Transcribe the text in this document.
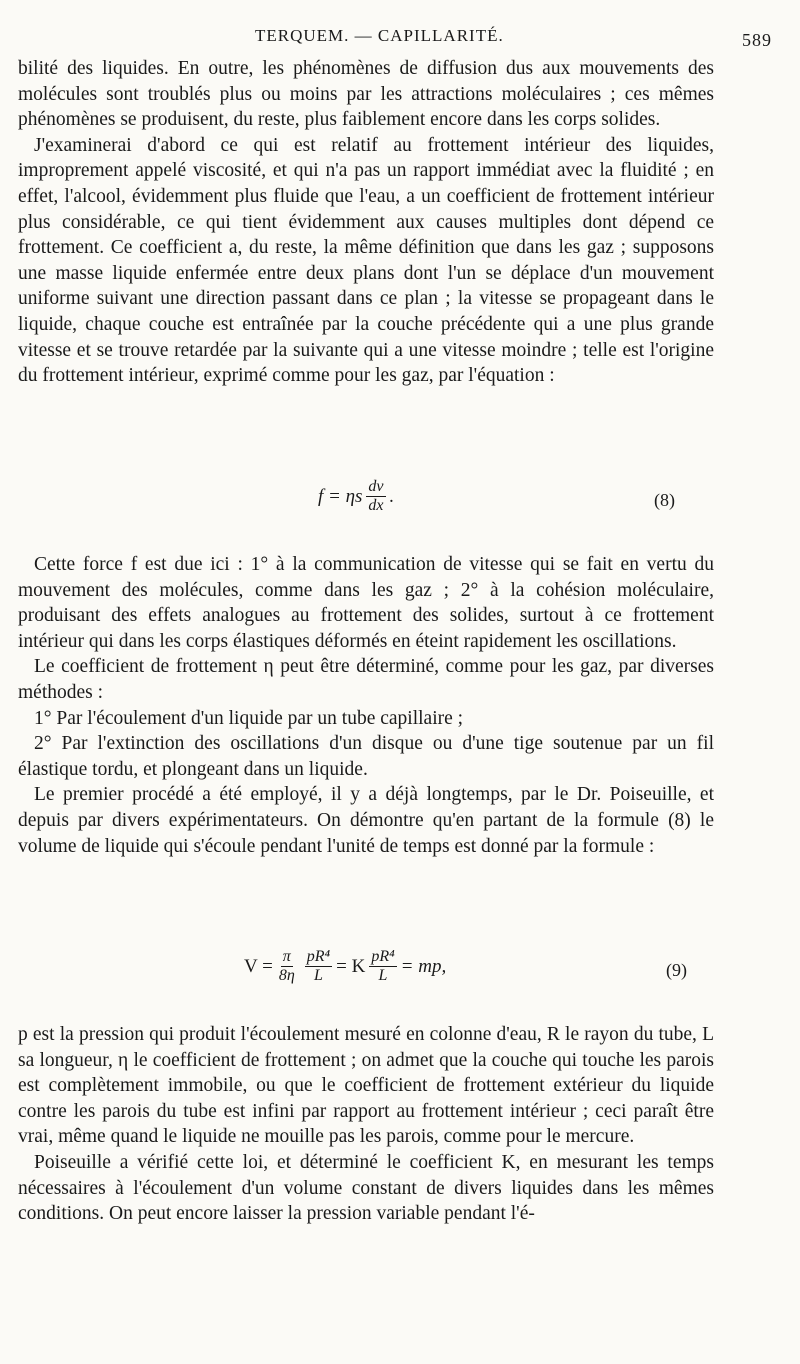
TERQUEM. — CAPILLARITÉ.	589

bilité des liquides. En outre, les phénomènes de diffusion dus aux mouvements des molécules sont troublés plus ou moins par les attractions moléculaires ; ces mêmes phénomènes se produisent, du reste, plus faiblement encore dans les corps solides.

J'examinerai d'abord ce qui est relatif au frottement intérieur des liquides, improprement appelé viscosité, et qui n'a pas un rapport immédiat avec la fluidité ; en effet, l'alcool, évidemment plus fluide que l'eau, a un coefficient de frottement intérieur plus considérable, ce qui tient évidemment aux causes multiples dont dépend ce frottement. Ce coefficient a, du reste, la même définition que dans les gaz ; supposons une masse liquide enfermée entre deux plans dont l'un se déplace d'un mouvement uniforme suivant une direction passant dans ce plan ; la vitesse se propageant dans le liquide, chaque couche est entraînée par la couche précédente qui a une plus grande vitesse et se trouve retardée par la suivante qui a une vitesse moindre ; telle est l'origine du frottement intérieur, exprimé comme pour les gaz, par l'équation :

f = ηs $\frac{dv}{dx}$ .	(8)

Cette force f est due ici : 1° à la communication de vitesse qui se fait en vertu du mouvement des molécules, comme dans les gaz ; 2° à la cohésion moléculaire, produisant des effets analogues au frottement des solides, surtout à ce frottement intérieur qui dans les corps élastiques déformés en éteint rapidement les oscillations.

Le coefficient de frottement η peut être déterminé, comme pour les gaz, par diverses méthodes :

1° Par l'écoulement d'un liquide par un tube capillaire ;

2° Par l'extinction des oscillations d'un disque ou d'une tige soutenue par un fil élastique tordu, et plongeant dans un liquide.

Le premier procédé a été employé, il y a déjà longtemps, par le Dr. Poiseuille, et depuis par divers expérimentateurs. On démontre qu'en partant de la formule (8) le volume de liquide qui s'écoule pendant l'unité de temps est donné par la formule :

$V = \frac{\pi}{8\eta} \frac{\text{pR⁴}}{L} = K \frac{\text{pR⁴}}{L}$ = mp,	(9)

p est la pression qui produit l'écoulement mesuré en colonne d'eau, R le rayon du tube, L sa longueur, η le coefficient de frottement ; on admet que la couche qui touche les parois est complètement immobile, ou que le coefficient de frottement extérieur du liquide contre les parois du tube est infini par rapport au frottement intérieur ; ceci paraît être vrai, même quand le liquide ne mouille pas les parois, comme pour le mercure.

Poiseuille a vérifié cette loi, et déterminé le coefficient K, en mesurant les temps nécessaires à l'écoulement d'un volume constant de divers liquides dans les mêmes conditions. On peut encore laisser la pression variable pendant l'é-
